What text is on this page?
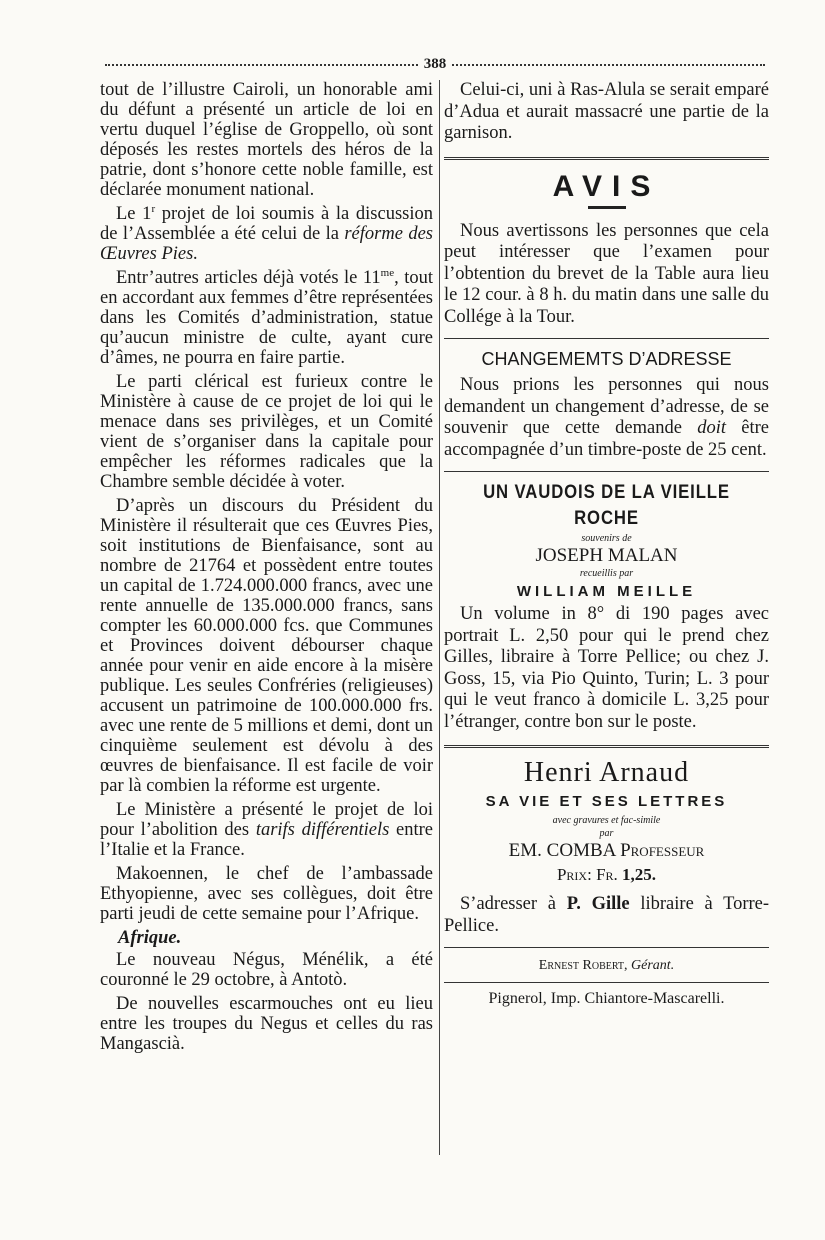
388

tout de l’illustre Cairoli, un honorable ami du défunt a présenté un article de loi en vertu duquel l’église de Groppello, où sont déposés les restes mortels des héros de la patrie, dont s’honore cette noble famille, est déclarée monument national.

Le 1$^r$ projet de loi soumis à la discussion de l’Assemblée a été celui de la réforme des Œuvres Pies.

Entr’autres articles déjà votés le $11^{me}$, tout en accordant aux femmes d’être représentées dans les Comités d’administration, statue qu’aucun ministre de culte, ayant cure d’âmes, ne pourra en faire partie.

Le parti clérical est furieux contre le Ministère à cause de ce projet de loi qui le menace dans ses privilèges, et un Comité vient de s’organiser dans la capitale pour empêcher les réformes radicales que la Chambre semble décidée à voter.

D’après un discours du Président du Ministère il résulterait que ces Œuvres Pies, soit institutions de Bienfaisance, sont au nombre de 21764 et possèdent entre toutes un capital de 1.724.000.000 francs, avec une rente annuelle de 135.000.000 francs, sans compter les 60.000.000 fcs. que Communes et Provinces doivent débourser chaque année pour venir en aide encore à la misère publique. Les seules Confréries (religieuses) accusent un patrimoine de 100.000.000 frs. avec une rente de 5 millions et demi, dont un cinquième seulement est dévolu à des œuvres de bienfaisance. Il est facile de voir par là combien la réforme est urgente.

Le Ministère a présenté le projet de loi pour l’abolition des tarifs différentiels entre l’Italie et la France.

Makoennen, le chef de l’ambassade Ethyopienne, avec ses collègues, doit être parti jeudi de cette semaine pour l’Afrique.

Afrique.

Le nouveau Négus, Ménélik, a été couronné le 29 octobre, à Antotò.

De nouvelles escarmouches ont eu lieu entre les troupes du Negus et celles du ras Mangascià.

Celui-ci, uni à Ras-Alula se serait emparé d’Adua et aurait massacré une partie de la garnison.

AVIS

Nous avertissons les personnes que cela peut intéresser que l’examen pour l’obtention du brevet de la Table aura lieu le 12 cour. à 8 h. du matin dans une salle du Collége à la Tour.

CHANGEMEMTS D’ADRESSE

Nous prions les personnes qui nous demandent un changement d’adresse, de se souvenir que cette demande doit être accompagnée d’un timbre-poste de 25 cent.

UN VAUDOIS DE LA VIEILLE ROCHE
souvenirs de
JOSEPH MALAN
recueillis par
WILLIAM MEILLE

Un volume in 8° di 190 pages avec portrait L. 2,50 pour qui le prend chez Gilles, libraire à Torre Pellice; ou chez J. Goss, 15, via Pio Quinto, Turin; L. 3 pour qui le veut franco à domicile L. 3,25 pour l’étranger, contre bon sur le poste.

Henri Arnaud
SA VIE ET SES LETTRES
avec gravures et fac-simile
par
EM. COMBA Professeur
Prix: Fr. 1,25.

S’adresser à P. Gille libraire à Torre-Pellice.

Ernest Robert, Gérant.
Pignerol, Imp. Chiantore-Mascarelli.
